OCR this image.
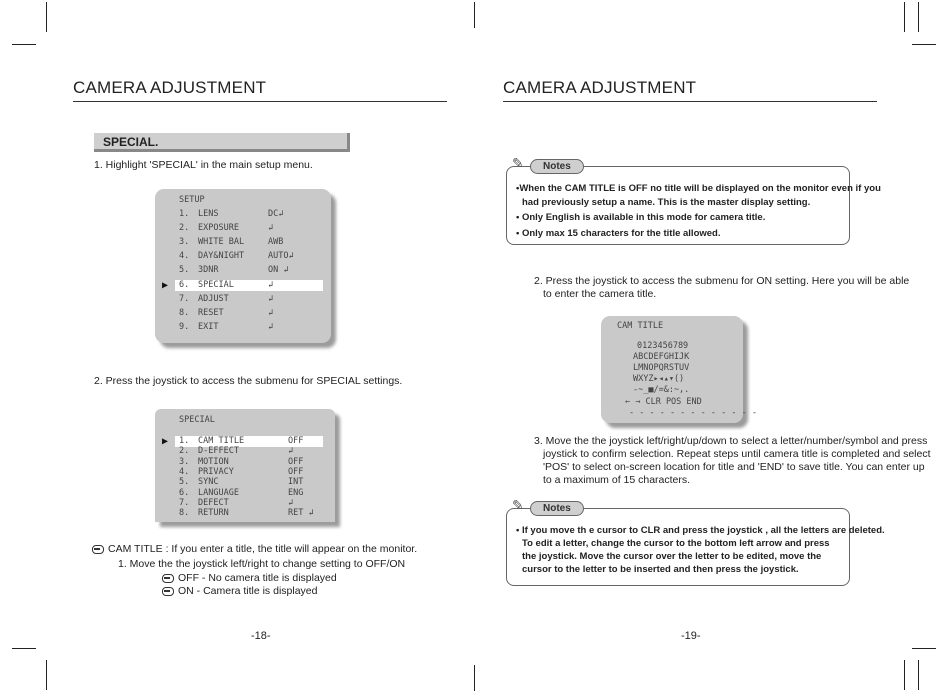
CAMERA ADJUSTMENT
SPECIAL.
1. Highlight 'SPECIAL' in the main setup menu.
SETUP
1. LENS	DC↲
2. EXPOSURE	↲
3. WHITE BAL	AWB
4. DAY&NIGHT	AUTO↲
5. 3DNR	ON ↲
▶ 6. SPECIAL	↲
7. ADJUST	↲
8. RESET	↲
9. EXIT	↲
2. Press the joystick to access the submenu for SPECIAL settings.
SPECIAL
▶ 1. CAM TITLE	OFF
2. D-EFFECT	↲
3. MOTION	OFF
4. PRIVACY	OFF
5. SYNC	INT
6. LANGUAGE	ENG
7. DEFECT	↲
8. RETURN	RET ↲
CAM TITLE : If you enter a title, the title will appear on the monitor.
1. Move the the joystick left/right to change setting to OFF/ON
OFF - No camera title is displayed
ON - Camera title is displayed
-18-
CAMERA ADJUSTMENT
Notes
✎
•When the CAM TITLE is OFF no title will be displayed on the monitor even if you
had previously setup a name. This is the master display setting.
• Only English is available in this mode for camera title.
• Only max 15 characters for the title allowed.
2. Press the joystick to access the submenu for ON setting. Here you will be able
to enter the camera title.
CAM TITLE
0123456789
ABCDEFGHIJK
LMNOPQRSTUV
WXYZ▸◂▴▾()
-~_■/=&:~,.
← → CLR POS END
- - - - - - - - - - - - -
3. Move the the joystick left/right/up/down to select a letter/number/symbol and press
joystick to confirm selection. Repeat steps until camera title is completed and select
'POS' to select on-screen location for title and 'END' to save title. You can enter up
to a maximum of 15 characters.
Notes
✎
• If you move th e cursor to CLR and press the joystick , all the letters are deleted.
To edit a letter, change the cursor to the bottom left arrow and press
the joystick. Move the cursor over the letter to be edited, move the
cursor to the letter to be inserted and then press the joystick.
-19-
